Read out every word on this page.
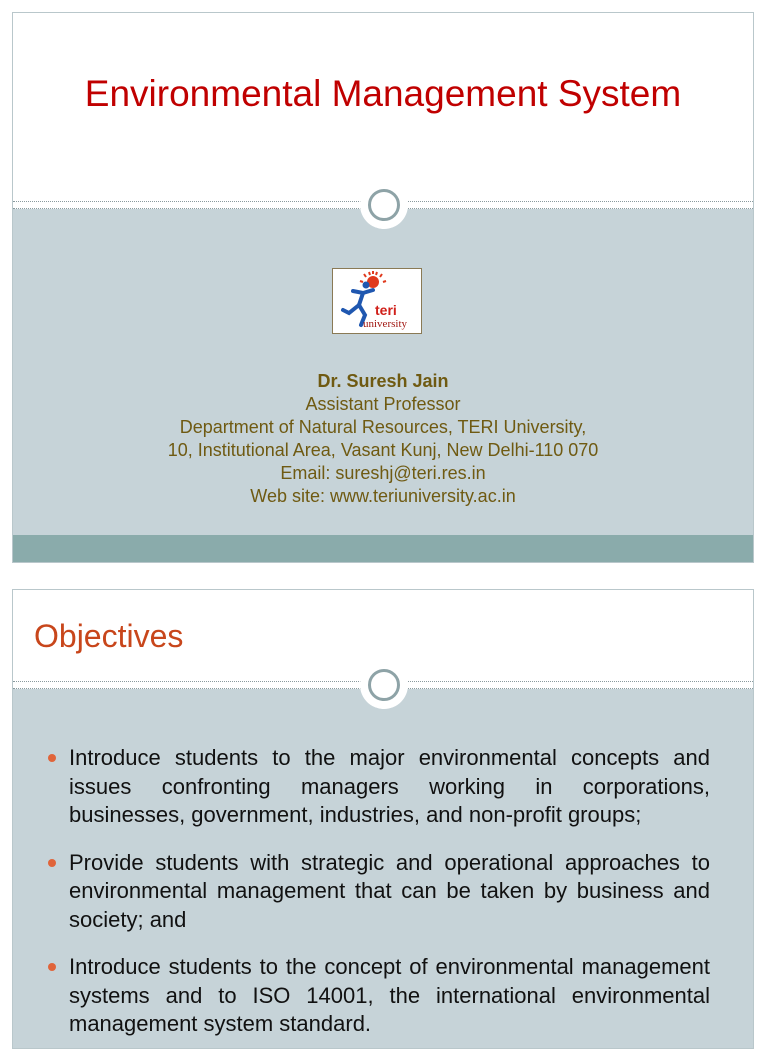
Environmental Management System
teri
university
Dr. Suresh Jain
Assistant Professor
Department of Natural Resources, TERI University,
10, Institutional Area, Vasant Kunj, New Delhi-110 070
Email: sureshj@teri.res.in
Web site: www.teriuniversity.ac.in
Objectives
Introduce students to the major environmental concepts and issues confronting managers working in corporations, businesses, government, industries, and non-profit groups;
Provide students with strategic and operational approaches to environmental management that can be taken by business and society; and
Introduce students to the concept of environmental management systems and to ISO 14001, the international environmental management system standard.
